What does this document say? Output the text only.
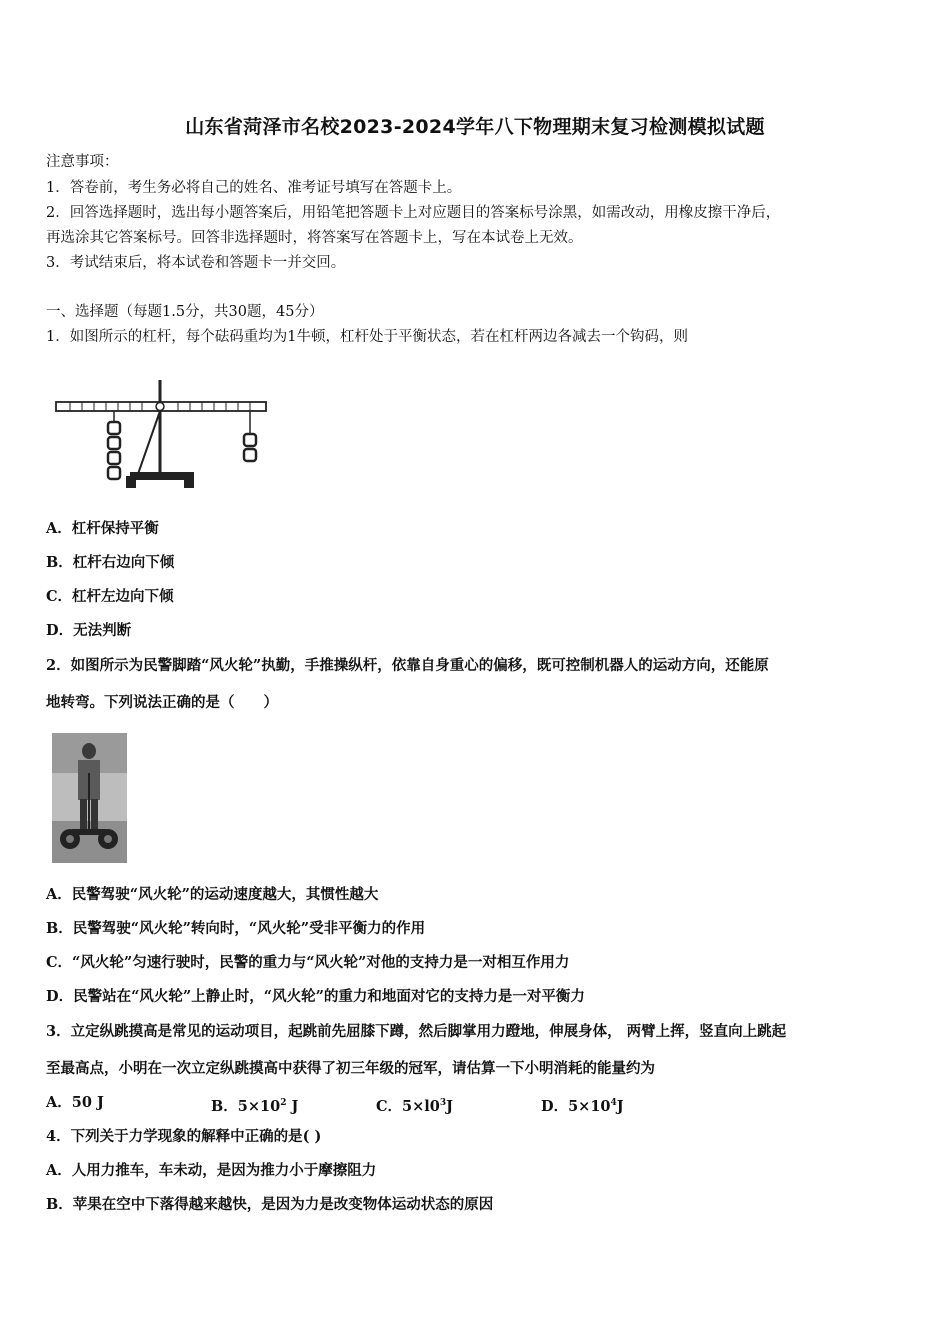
山东省菏泽市名校2023-2024学年八下物理期末复习检测模拟试题
注意事项：
1．答卷前，考生务必将自己的姓名、准考证号填写在答题卡上。
2．回答选择题时，选出每小题答案后，用铅笔把答题卡上对应题目的答案标号涂黑，如需改动，用橡皮擦干净后，
再选涂其它答案标号。回答非选择题时，将答案写在答题卡上，写在本试卷上无效。
3．考试结束后，将本试卷和答题卡一并交回。
一、选择题（每题1.5分，共30题，45分）
1．如图所示的杠杆，每个砝码重均为1牛顿，杠杆处于平衡状态，若在杠杆两边各减去一个钩码，则
A．杠杆保持平衡
B．杠杆右边向下倾
C．杠杆左边向下倾
D．无法判断
2．如图所示为民警脚踏“风火轮”执勤，手推操纵杆，依靠自身重心的偏移，既可控制机器人的运动方向，还能原
地转弯。下列说法正确的是（　　）
A．民警驾驶“风火轮”的运动速度越大，其惯性越大
B．民警驾驶“风火轮”转向时，“风火轮”受非平衡力的作用
C．“风火轮”匀速行驶时，民警的重力与“风火轮”对他的支持力是一对相互作用力
D．民警站在“风火轮”上静止时，“风火轮”的重力和地面对它的支持力是一对平衡力
3．立定纵跳摸高是常见的运动项目，起跳前先屈膝下蹲，然后脚掌用力蹬地，伸展身体， 两臂上挥，竖直向上跳起
至最高点，小明在一次立定纵跳摸高中获得了初三年级的冠军，请估算一下小明消耗的能量约为
A．50 J	B．$5\times 10^2$ J	C．$5\times l0^3J$	D．$5\times 10^4J$
4．下列关于力学现象的解释中正确的是( )
A．人用力推车，车未动，是因为推力小于摩擦阻力
B．苹果在空中下落得越来越快，是因为力是改变物体运动状态的原因
